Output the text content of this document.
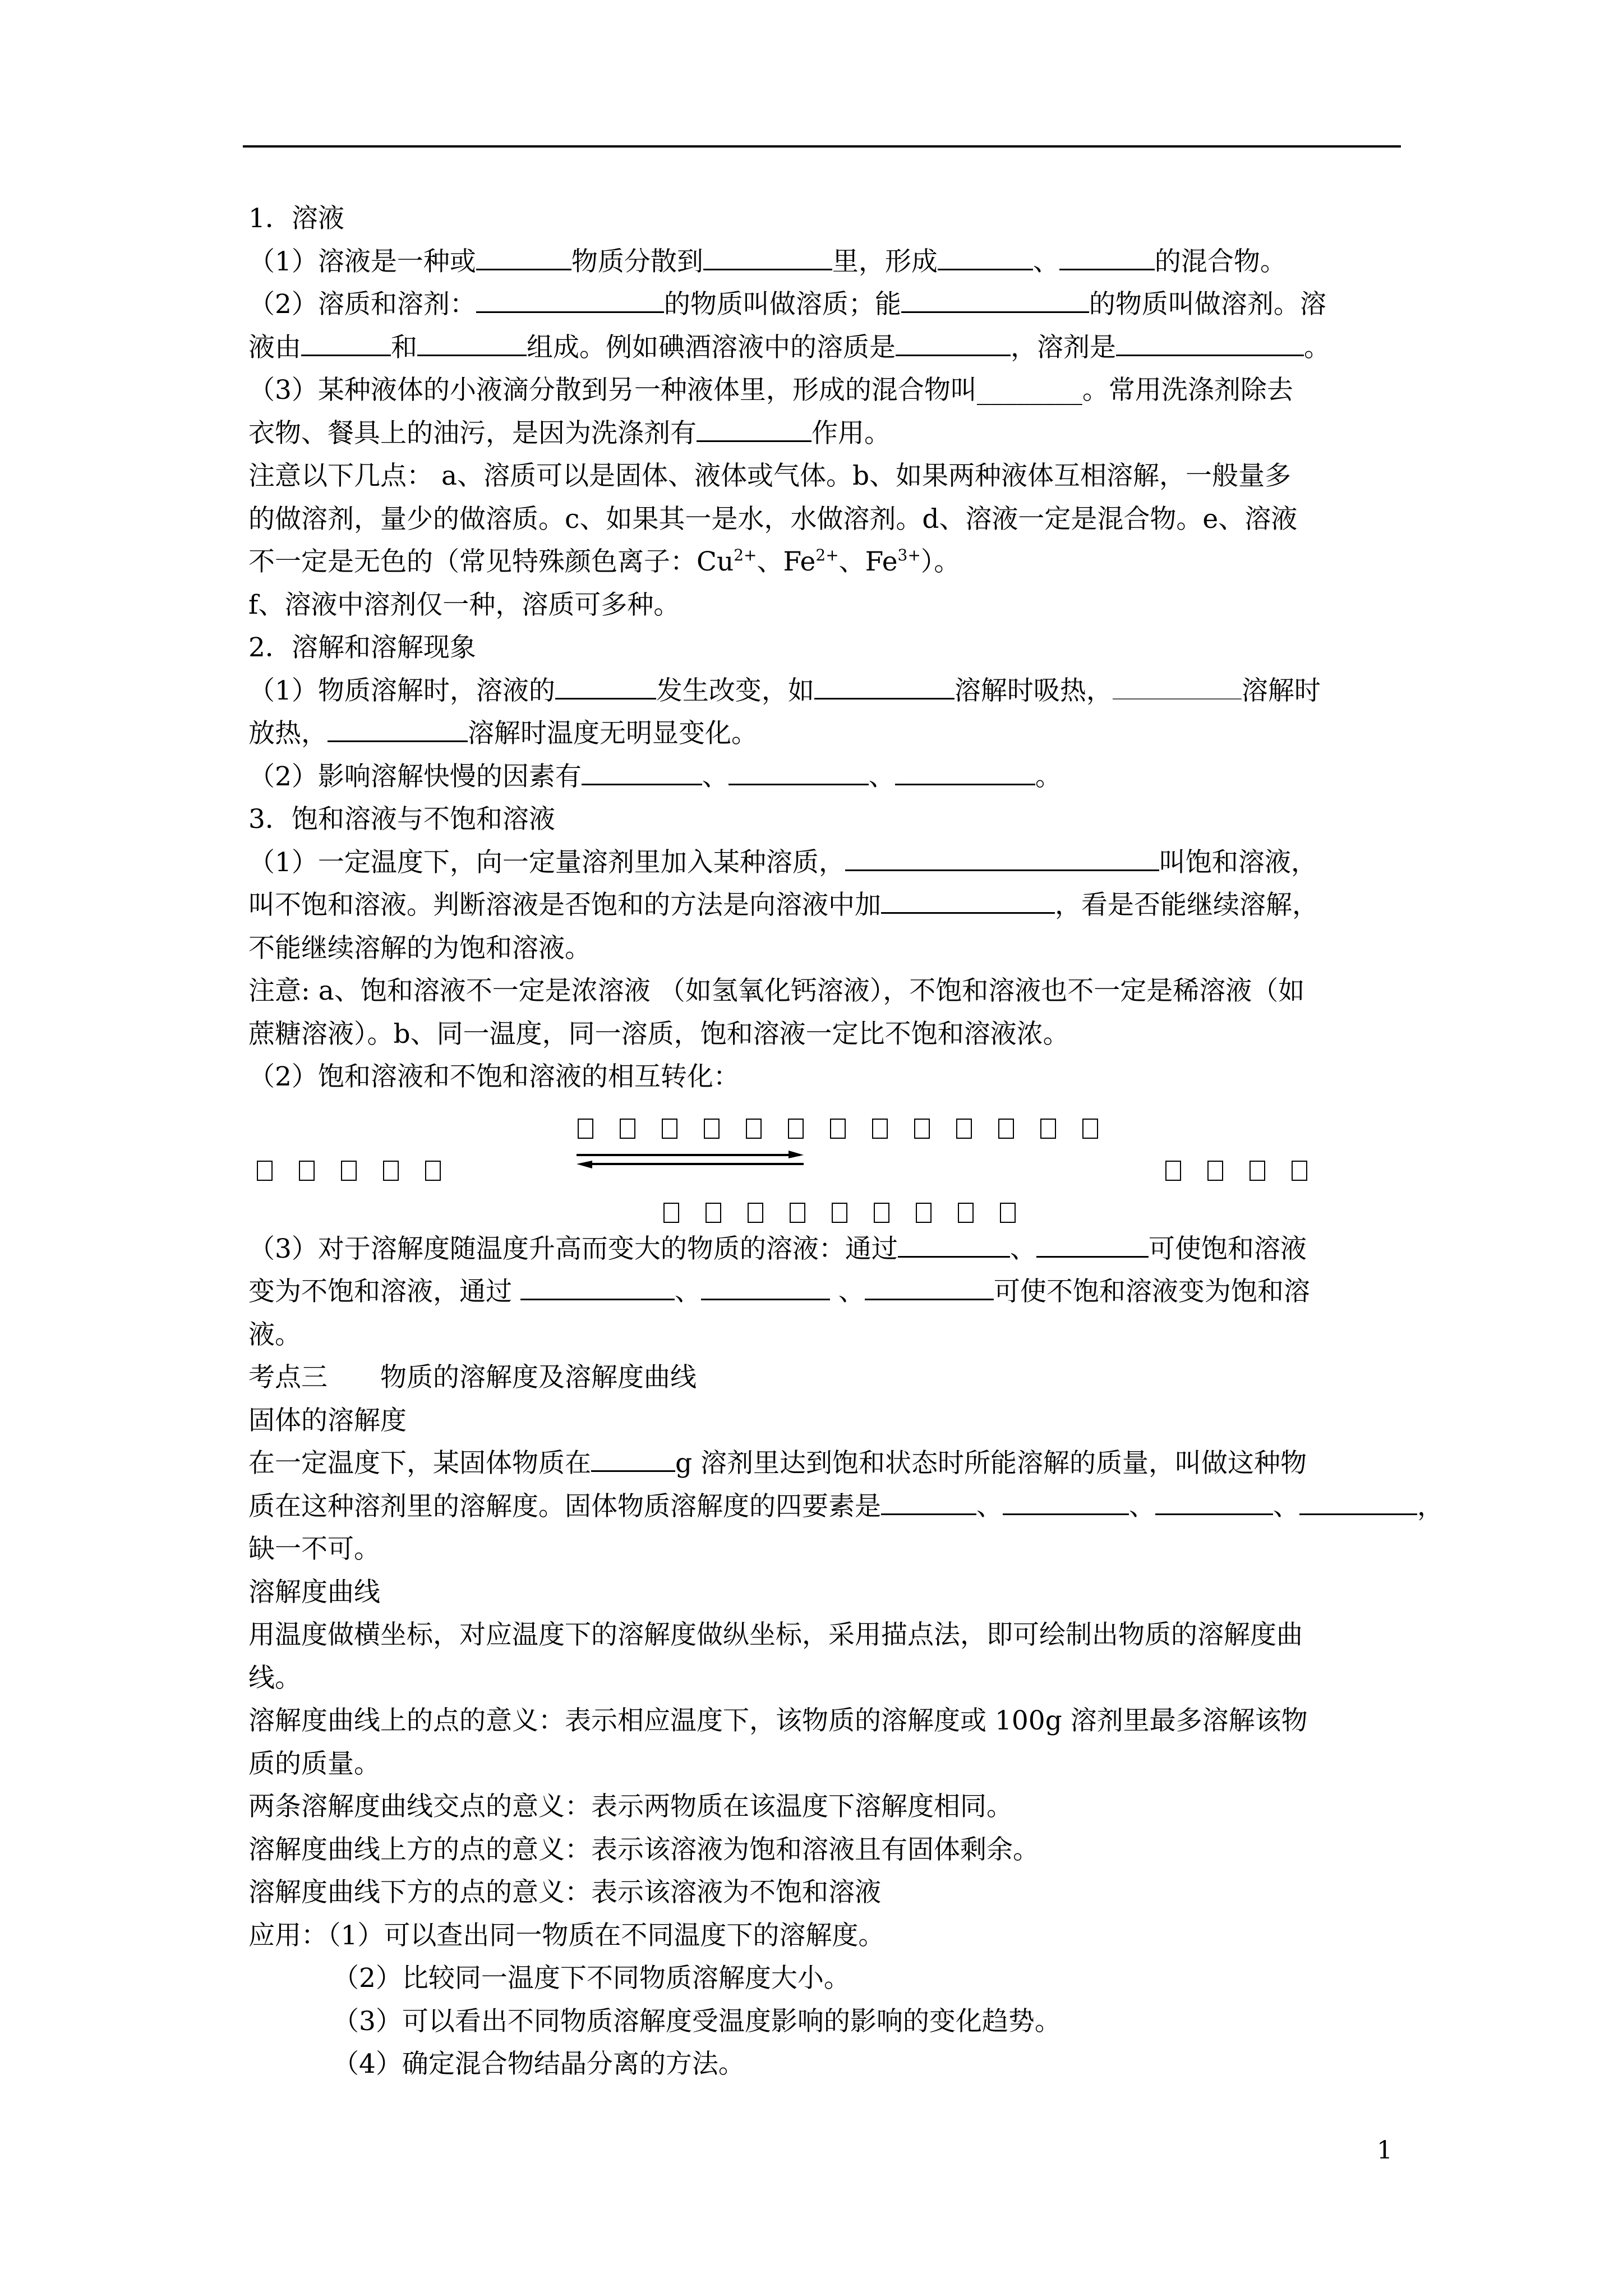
1．溶液
（1）溶液是一种或	物质分散到	里，形成	、	的混合物。
（2）溶质和溶剂：	的物质叫做溶质；能	的物质叫做溶剂。溶
液由	和	组成。例如碘酒溶液中的溶质是	，溶剂是	。
（3）某种液体的小液滴分散到另一种液体里，形成的混合物叫________。常用洗涤剂除去
衣物、餐具上的油污，是因为洗涤剂有	作用。
注意以下几点： a、溶质可以是固体、液体或气体。b、如果两种液体互相溶解，一般量多
的做溶剂，量少的做溶质。c、如果其一是水，水做溶剂。d、溶液一定是混合物。e、溶液
不一定是无色的（常见特殊颜色离子：$Cu^{2+}$、$Fe^{2+}$、$Fe^{3+}$）。
f、溶液中溶剂仅一种，溶质可多种。
2．溶解和溶解现象
（1）物质溶解时，溶液的	发生改变，如	溶解时吸热，	溶解时
放热，	溶解时温度无明显变化。
（2）影响溶解快慢的因素有	、	、	。
3．饱和溶液与不饱和溶液
（1）一定温度下，向一定量溶剂里加入某种溶质，	叫饱和溶液，
叫不饱和溶液。判断溶液是否饱和的方法是向溶液中加	，看是否能继续溶解，
不能继续溶解的为饱和溶液。
注意: a、饱和溶液不一定是浓溶液 （如氢氧化钙溶液），不饱和溶液也不一定是稀溶液（如
蔗糖溶液）。b、同一温度，同一溶质，饱和溶液一定比不饱和溶液浓。
（2）饱和溶液和不饱和溶液的相互转化：
（3）对于溶解度随温度升高而变大的物质的溶液：通过	、	可使饱和溶液
变为不饱和溶液，通过	、	、	可使不饱和溶液变为饱和溶
液。
考点三　　物质的溶解度及溶解度曲线
固体的溶解度
在一定温度下，某固体物质在	g 溶剂里达到饱和状态时所能溶解的质量，叫做这种物
质在这种溶剂里的溶解度。固体物质溶解度的四要素是	、	、	、	，
缺一不可。
溶解度曲线
用温度做横坐标，对应温度下的溶解度做纵坐标，采用描点法，即可绘制出物质的溶解度曲
线。
溶解度曲线上的点的意义：表示相应温度下，该物质的溶解度或 100g 溶剂里最多溶解该物
质的质量。
两条溶解度曲线交点的意义：表示两物质在该温度下溶解度相同。
溶解度曲线上方的点的意义：表示该溶液为饱和溶液且有固体剩余。
溶解度曲线下方的点的意义：表示该溶液为不饱和溶液
应用：（1）可以查出同一物质在不同温度下的溶解度。
（2）比较同一温度下不同物质溶解度大小。
（3）可以看出不同物质溶解度受温度影响的影响的变化趋势。
（4）确定混合物结晶分离的方法。
1
